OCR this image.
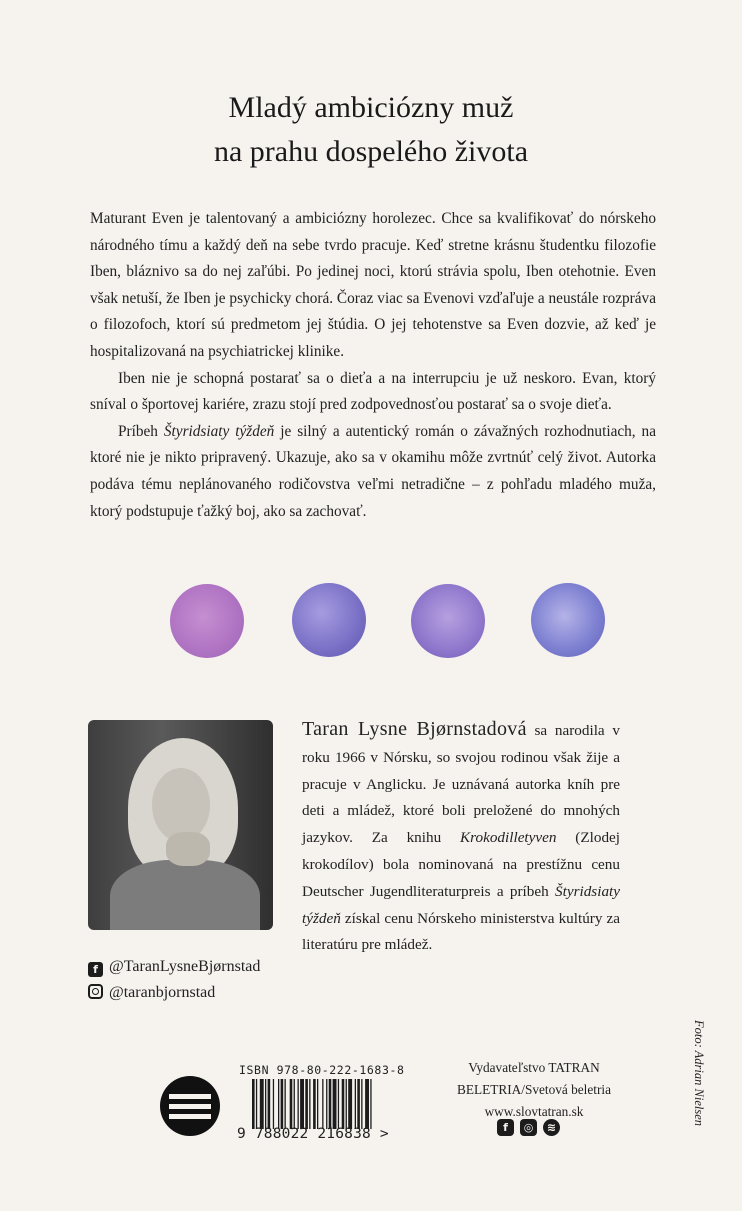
Mladý ambiciózny muž
na prahu dospelého života

Maturant Even je talentovaný a ambiciózny horolezec. Chce sa kvalifikovať do nórskeho národného tímu a každý deň na sebe tvrdo pracuje. Keď stretne krásnu študentku filozofie Iben, bláznivo sa do nej zaľúbi. Po jedinej noci, ktorú strávia spolu, Iben otehotnie. Even však netuší, že Iben je psychicky chorá. Čoraz viac sa Evenovi vzďaľuje a neustále rozpráva o filozofoch, ktorí sú predmetom jej štúdia. O jej tehotenstve sa Even dozvie, až keď je hospitalizovaná na psychiatrickej klinike.

Iben nie je schopná postarať sa o dieťa a na interrupciu je už neskoro. Evan, ktorý sníval o športovej kariére, zrazu stojí pred zodpovednosťou postarať sa o svoje dieťa.

Príbeh Štyridsiaty týždeň je silný a autentický román o závažných rozhodnutiach, na ktoré nie je nikto pripravený. Ukazuje, ako sa v okamihu môže zvrtnúť celý život. Autorka podáva tému neplánovaného rodičovstva veľmi netradične – z pohľadu mladého muža, ktorý podstupuje ťažký boj, ako sa zachovať.

Taran Lysne Bjørnstadová sa narodila v roku 1966 v Nórsku, so svojou rodinou však žije a pracuje v Anglicku. Je uznávaná autorka kníh pre deti a mládež, ktoré boli preložené do mnohých jazykov. Za knihu Krokodilletyven (Zlodej krokodílov) bola nominovaná na prestížnu cenu Deutscher Jugendliteraturpreis a príbeh Štyridsiaty týždeň získal cenu Nórskeho ministerstva kultúry za literatúru pre mládež.

f @TaranLysneBjørnstad
@taranbjornstad
ISBN 978-80-222-1683-8
9 788022 216838 >
Vydavateľstvo TATRAN
BELETRIA/Svetová beletria
www.slovtatran.sk
f	◎	≋
Foto: Adrian Nielsen
